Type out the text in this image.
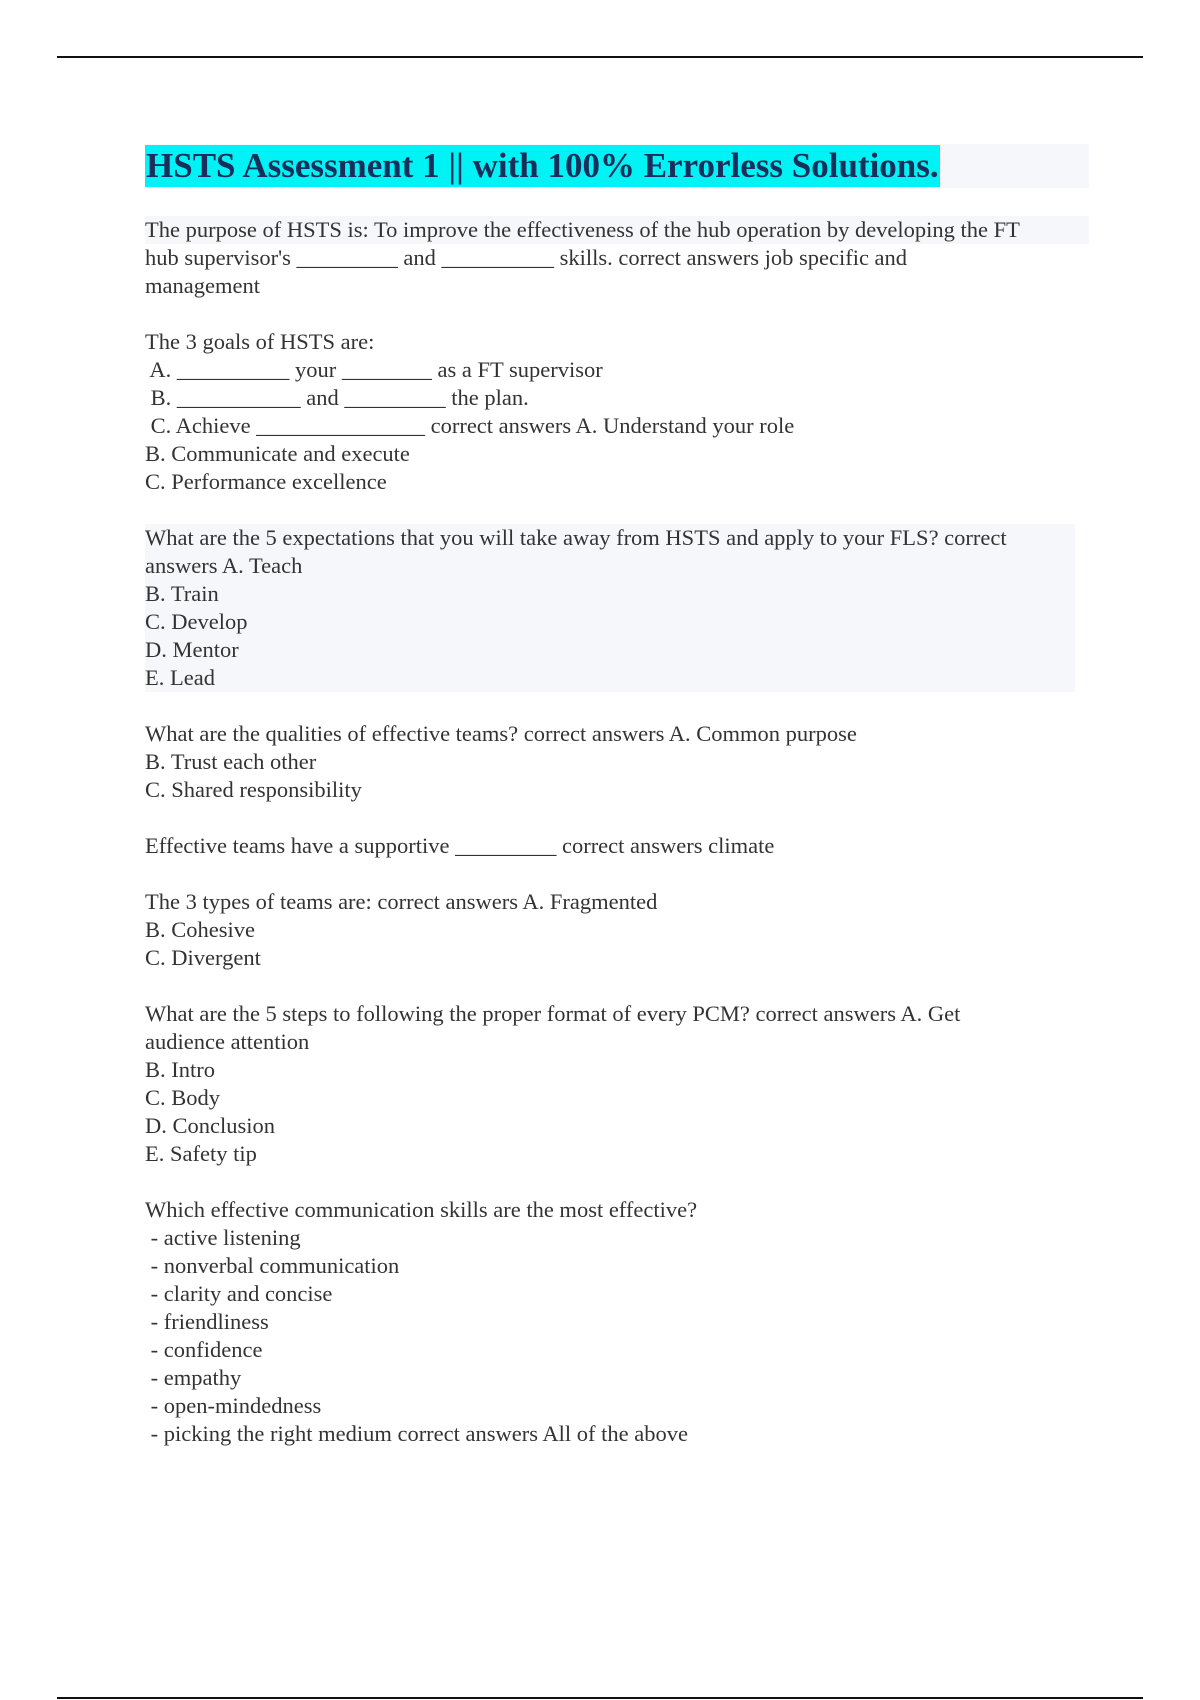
HSTS Assessment 1 || with 100% Errorless Solutions.
The purpose of HSTS is: To improve the effectiveness of the hub operation by developing the FT
hub supervisor's _________ and __________ skills. correct answers job specific and
management
The 3 goals of HSTS are:
A. __________ your ________ as a FT supervisor
B. ___________ and _________ the plan.
C. Achieve _______________ correct answers A. Understand your role
B. Communicate and execute
C. Performance excellence
What are the 5 expectations that you will take away from HSTS and apply to your FLS? correct
answers A. Teach
B. Train
C. Develop
D. Mentor
E. Lead
What are the qualities of effective teams? correct answers A. Common purpose
B. Trust each other
C. Shared responsibility
Effective teams have a supportive _________ correct answers climate
The 3 types of teams are: correct answers A. Fragmented
B. Cohesive
C. Divergent
What are the 5 steps to following the proper format of every PCM? correct answers A. Get
audience attention
B. Intro
C. Body
D. Conclusion
E. Safety tip
Which effective communication skills are the most effective?
- active listening
- nonverbal communication
- clarity and concise
- friendliness
- confidence
- empathy
- open-mindedness
- picking the right medium correct answers All of the above
